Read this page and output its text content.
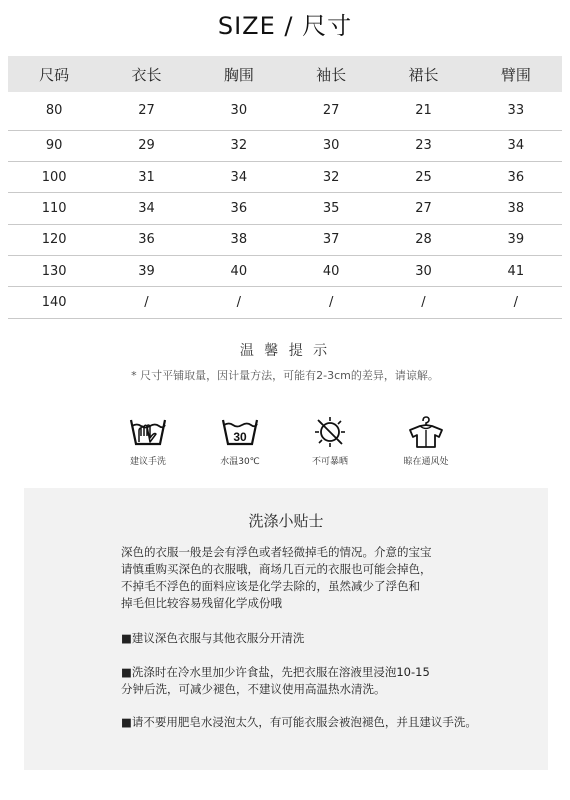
SIZE / 尺寸
尺码	衣长	胸围	袖长	裙长	臂围
80	27	30	27	21	33
90	29	32	30	23	34
100	31	34	32	25	36
110	34	36	35	27	38
120	36	38	37	28	39
130	39	40	40	30	41
140	/	/	/	/	/
温 馨 提 示
* 尺寸平铺取量，因计量方法，可能有2-3cm的差异，请谅解。
建议手洗
30
水温30℃	不可暴晒	晾在通风处
洗涤小贴士
深色的衣服一般是会有浮色或者轻微掉毛的情况。介意的宝宝
请慎重购买深色的衣服哦，商场几百元的衣服也可能会掉色，
不掉毛不浮色的面料应该是化学去除的，虽然减少了浮色和
掉毛但比较容易残留化学成份哦
■建议深色衣服与其他衣服分开清洗
■洗涤时在冷水里加少许食盐，先把衣服在溶液里浸泡10-15
分钟后洗，可减少褪色，不建议使用高温热水清洗。
■请不要用肥皂水浸泡太久，有可能衣服会被泡褪色，并且建议手洗。
